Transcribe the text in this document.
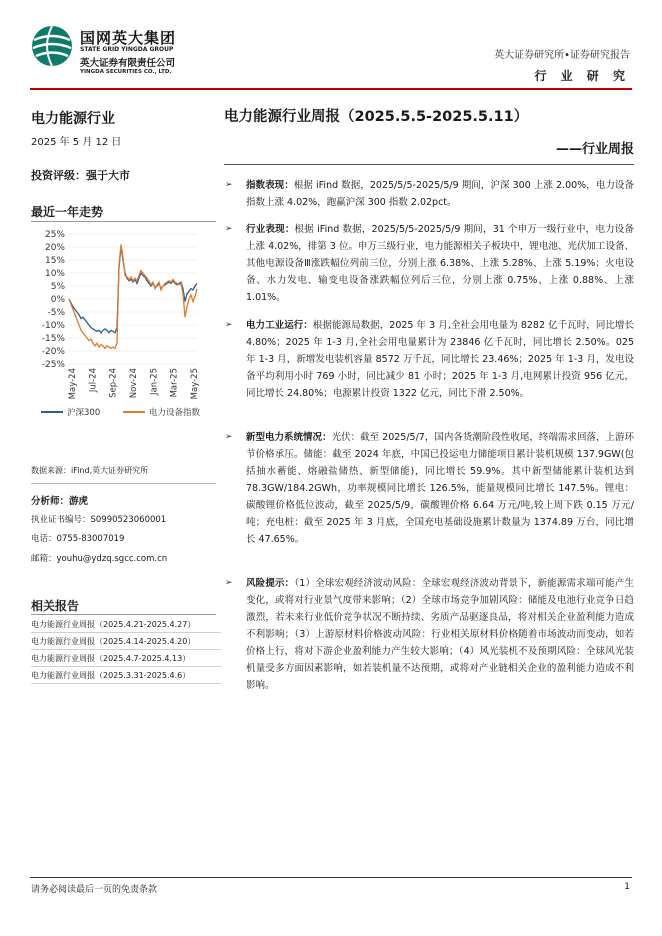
国网英大集团
STATE GRID YINGDA GROUP
英大证券有限责任公司
YINGDA SECURITIES CO., LTD.
英大证券研究所•证券研究报告
行 业 研 究
电力能源行业
2025 年 5 月 12 日
投资评级：强于大市
最近一年走势
25%
20%
15%
10%
5%
0%
-5%
-10%
-15%
-20%
-25%
May-24 Jul-24 Sep-24 Nov-24 Jan-25 Mar-25 May-25
沪深300	电力设备指数
数据来源：iFind,英大证券研究所
分析师：游虎
执业证书编号：S0990523060001
电话：0755-83007019
邮箱：youhu@ydzq.sgcc.com.cn
相关报告
电力能源行业周报（2025.4.21-2025.4.27）
电力能源行业周报（2025.4.14-2025.4.20）
电力能源行业周报（2025.4.7-2025.4.13）
电力能源行业周报（2025.3.31-2025.4.6）
电力能源行业周报（2025.5.5-2025.5.11）
——行业周报
➢ 指数表现：根据 iFind 数据，2025/5/5-2025/5/9 期间，沪深 300 上涨 2.00%，电力设备指数上涨 4.02%，跑赢沪深 300 指数 2.02pct。
➢ 行业表现：根据 iFind 数据，2025/5/5-2025/5/9 期间，31 个申万一级行业中，电力设备上涨 4.02%，排第 3 位。申万三级行业，电力能源相关子板块中，锂电池、光伏加工设备、其他电源设备Ⅲ涨跌幅位列前三位，分别上涨 6.38%、上涨 5.28%、上涨 5.19%；火电设备、水力发电、输变电设备涨跌幅位列后三位，分别上涨 0.75%、上涨 0.88%、上涨 1.01%。
➢ 电力工业运行：根据能源局数据，2025 年 3 月,全社会用电量为 8282 亿千瓦时，同比增长 4.80%；2025 年 1-3 月,全社会用电量累计为 23846 亿千瓦时，同比增长 2.50%。025 年 1-3 月，新增发电装机容量 8572 万千瓦，同比增长 23.46%；2025 年 1-3 月，发电设备平均利用小时 769 小时，同比减少 81 小时；2025 年 1-3 月,电网累计投资 956 亿元，同比增长 24.80%；电源累计投资 1322 亿元，同比下滑 2.50%。
➢ 新型电力系统情况：光伏：截至 2025/5/7，国内各货潮阶段性收尾，终端需求回落，上游环节价格承压。储能：截至 2024 年底，中国已投运电力储能项目累计装机规模 137.9GW(包括抽水蓄能、熔融盐储热、新型储能)，同比增长 59.9%。其中新型储能累计装机达到 78.3GW/184.2GWh，功率规模同比增长 126.5%，能量规模同比增长 147.5%。锂电：碳酸锂价格低位波动，截至 2025/5/9，碳酸锂价格 6.64 万元/吨,较上周下跌 0.15 万元/吨；充电桩：截至 2025 年 3 月底，全国充电基础设施累计数量为 1374.89 万台，同比增长 47.65%。
➢ 风险提示：（1）全球宏观经济波动风险：全球宏观经济波动背景下，新能源需求端可能产生变化，或将对行业景气度带来影响；（2）全球市场竞争加剧风险：储能及电池行业竞争日趋激烈，若未来行业低价竞争状况不断持续、劣质产品驱逐良品，将对相关企业盈利能力造成不利影响；（3）上游原材料价格波动风险：行业相关原材料价格随着市场波动而变动，如若价格上行，将对下游企业盈利能力产生较大影响；（4）风光装机不及预期风险：全球风光装机量受多方面因素影响，如若装机量不达预期，或将对产业链相关企业的盈利能力造成不利影响。
请务必阅读最后一页的免责条款	1
